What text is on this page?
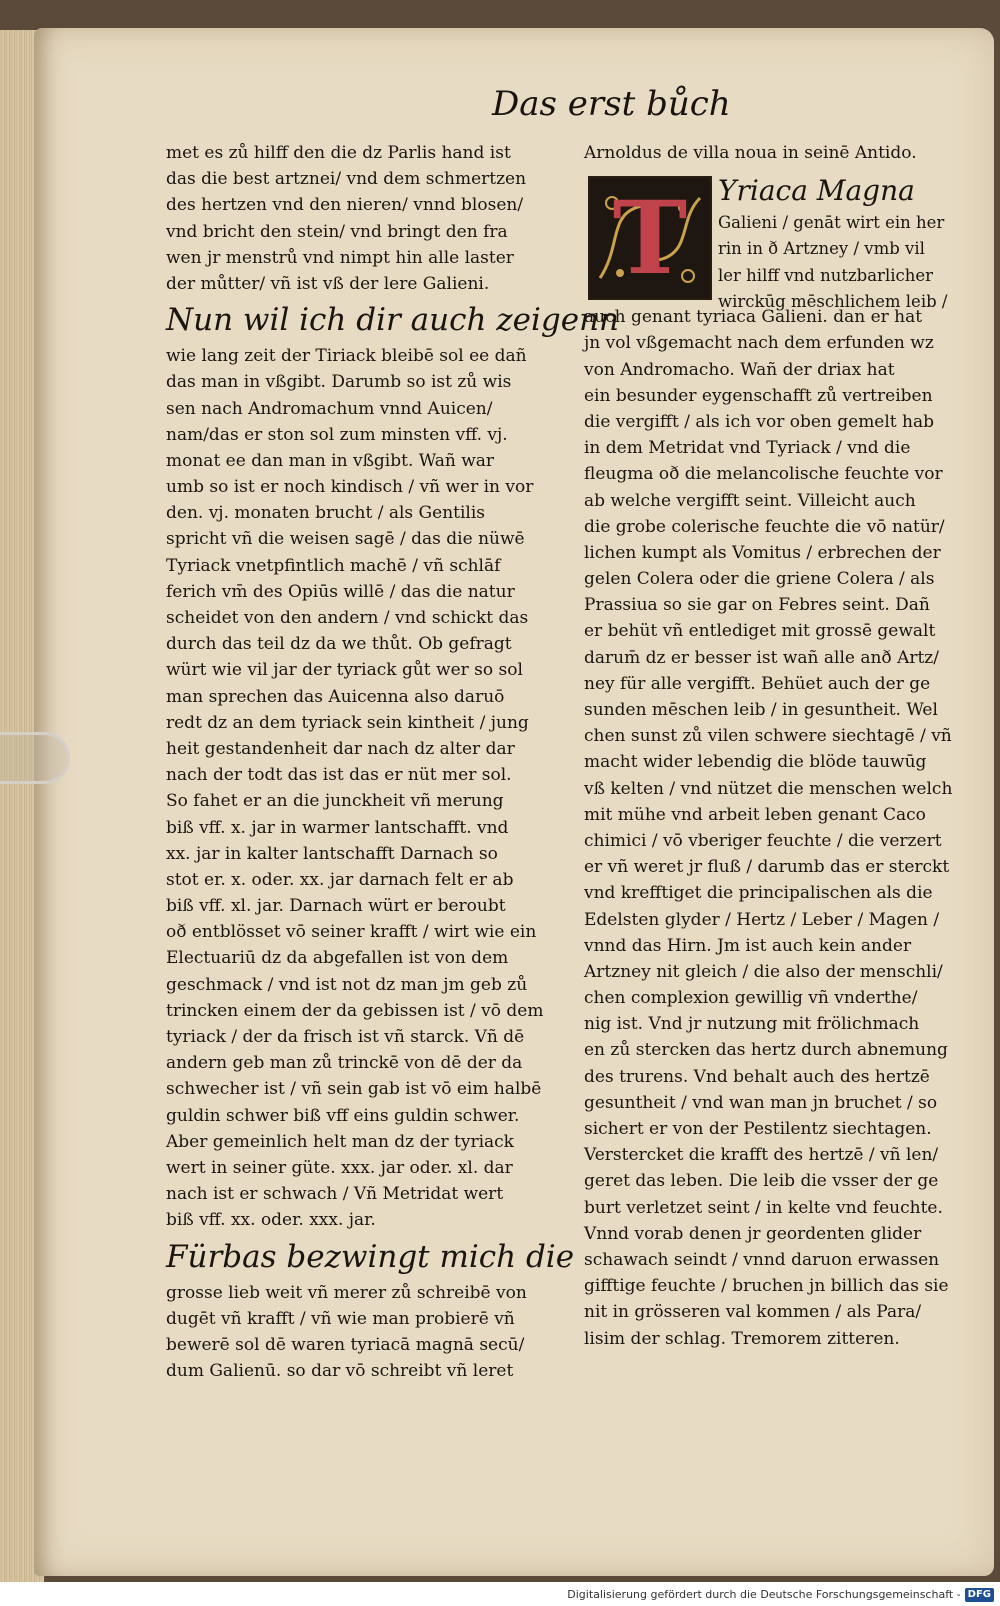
Das erst bůch
met es zů hilff den die dz Parlis hand ist
das die best artznei/ vnd dem schmertzen
des hertzen vnd den nieren/ vnnd blosen/
vnd bricht den stein/ vnd bringt den fra
wen jr menstrů vnd nimpt hin alle laster
der můtter/ vñ ist vß der lere Galieni.
Nun wil ich dir auch zeigenn
wie lang zeit der Tiriack bleibē sol ee dañ
das man in vßgibt. Darumb so ist zů wis
sen nach Andromachum vnnd Auicen/
nam/das er ston sol zum minsten vff. vj.
monat ee dan man in vßgibt. Wañ war
umb so ist er noch kindisch / vñ wer in vor
den. vj. monaten brucht / als Gentilis
spricht vñ die weisen sagē / das die nüwē
Tyriack vnetpfintlich machē / vñ schlāf
ferich vm̄ des Opiūs willē / das die natur
scheidet von den andern / vnd schickt das
durch das teil dz da we thůt. Ob gefragt
würt wie vil jar der tyriack gůt wer so sol
man sprechen das Auicenna also daruō
redt dz an dem tyriack sein kintheit / jung
heit gestandenheit dar nach dz alter dar
nach der todt das ist das er nüt mer sol.
So fahet er an die junckheit vñ merung
biß vff. x. jar in warmer lantschafft. vnd
xx. jar in kalter lantschafft Darnach so
stot er. x. oder. xx. jar darnach felt er ab
biß vff. xl. jar. Darnach würt er beroubt
oð entblösset vō seiner krafft / wirt wie ein
Electuariū dz da abgefallen ist von dem
geschmack / vnd ist not dz man jm geb zů
trincken einem der da gebissen ist / vō dem
tyriack / der da frisch ist vñ starck. Vñ dē
andern geb man zů trinckē von dē der da
schwecher ist / vñ sein gab ist vō eim halbē
guldin schwer biß vff eins guldin schwer.
Aber gemeinlich helt man dz der tyriack
wert in seiner güte. xxx. jar oder. xl. dar
nach ist er schwach / Vñ Metridat wert
biß vff. xx. oder. xxx. jar.
Fürbas bezwingt mich die
grosse lieb weit vñ merer zů schreibē von
dugēt vñ krafft / vñ wie man probierē vñ
bewerē sol dē waren tyriacā magnā secū/
dum Galienū. so dar vō schreibt vñ leret
Arnoldus de villa noua in seinē Antido.
T	Yriaca Magna
Galieni / genāt wirt ein her
rin in ð Artzney / vmb vil
ler hilff vnd nutzbarlicher
wirckūg mēschlichem leib /
auch genant tyriaca Galieni. dan er hat
jn vol vßgemacht nach dem erfunden wz
von Andromacho. Wañ der driax hat
ein besunder eygenschafft zů vertreiben
die vergifft / als ich vor oben gemelt hab
in dem Metridat vnd Tyriack / vnd die
fleugma oð die melancolische feuchte vor
ab welche vergifft seint. Villeicht auch
die grobe colerische feuchte die vō natür/
lichen kumpt als Vomitus / erbrechen der
gelen Colera oder die griene Colera / als
Prassiua so sie gar on Febres seint. Dañ
er behüt vñ entlediget mit grossē gewalt
darum̄ dz er besser ist wañ alle anð Artz/
ney für alle vergifft. Behüet auch der ge
sunden mēschen leib / in gesuntheit. Wel
chen sunst zů vilen schwere siechtagē / vñ
macht wider lebendig die blöde tauwūg
vß kelten / vnd nützet die menschen welch
mit mühe vnd arbeit leben genant Caco
chimici / vō vberiger feuchte / die verzert
er vñ weret jr fluß / darumb das er sterckt
vnd krefftiget die principalischen als die
Edelsten glyder / Hertz / Leber / Magen /
vnnd das Hirn. Jm ist auch kein ander
Artzney nit gleich / die also der menschli/
chen complexion gewillig vñ vnderthe/
nig ist. Vnd jr nutzung mit frölichmach
en zů stercken das hertz durch abnemung
des trurens. Vnd behalt auch des hertzē
gesuntheit / vnd wan man jn bruchet / so
sichert er von der Pestilentz siechtagen.
Verstercket die krafft des hertzē / vñ len/
geret das leben. Die leib die vsser der ge
burt verletzet seint / in kelte vnd feuchte.
Vnnd vorab denen jr geordenten glider
schawach seindt / vnnd daruon erwassen
gifftige feuchte / bruchen jn billich das sie
nit in grösseren val kommen / als Para/
lisim der schlag. Tremorem zitteren.
Digitalisierung gefördert durch die Deutsche Forschungsgemeinschaft - DFG
